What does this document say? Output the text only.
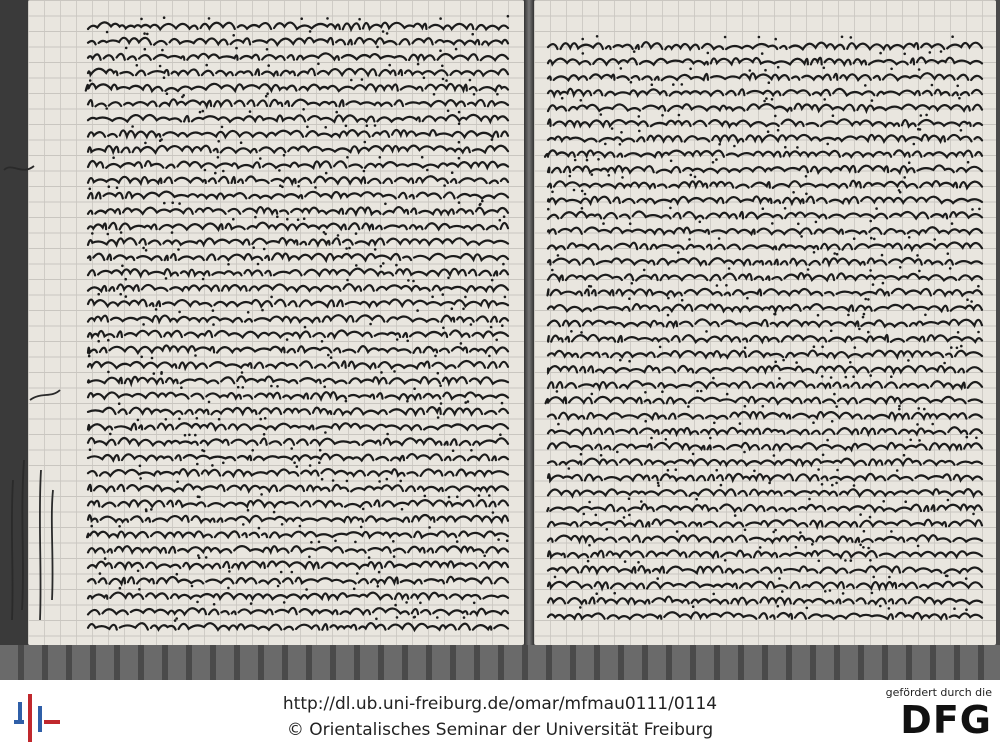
http://dl.ub.uni-freiburg.de/omar/mfmau0111/0114
© Orientalisches Seminar der Universität Freiburg
gefördert durch die
DFG
